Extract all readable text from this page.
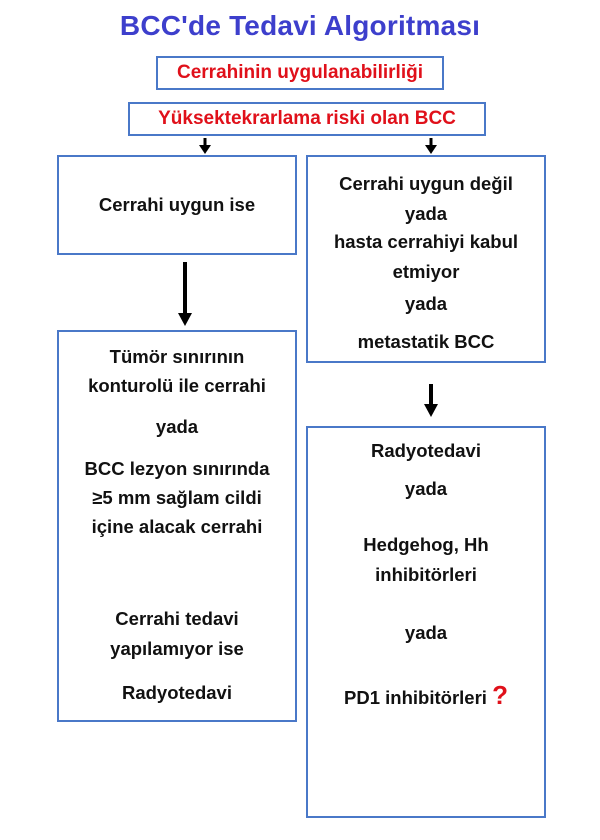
BCC'de Tedavi Algoritması
Cerrahinin uygulanabilirliği
Yüksektekrarlama riski olan BCC
Cerrahi uygun ise
Cerrahi uygun değil
yada
hasta cerrahiyi kabul
etmiyor
yada
metastatik BCC
Tümör sınırının
konturolü ile cerrahi
yada
BCC lezyon sınırında
≥5 mm sağlam cildi
içine alacak cerrahi
Cerrahi tedavi
yapılamıyor ise
Radyotedavi
Radyotedavi
yada
Hedgehog, Hh
inhibitörleri
yada
PD1 inhibitörleri ?
